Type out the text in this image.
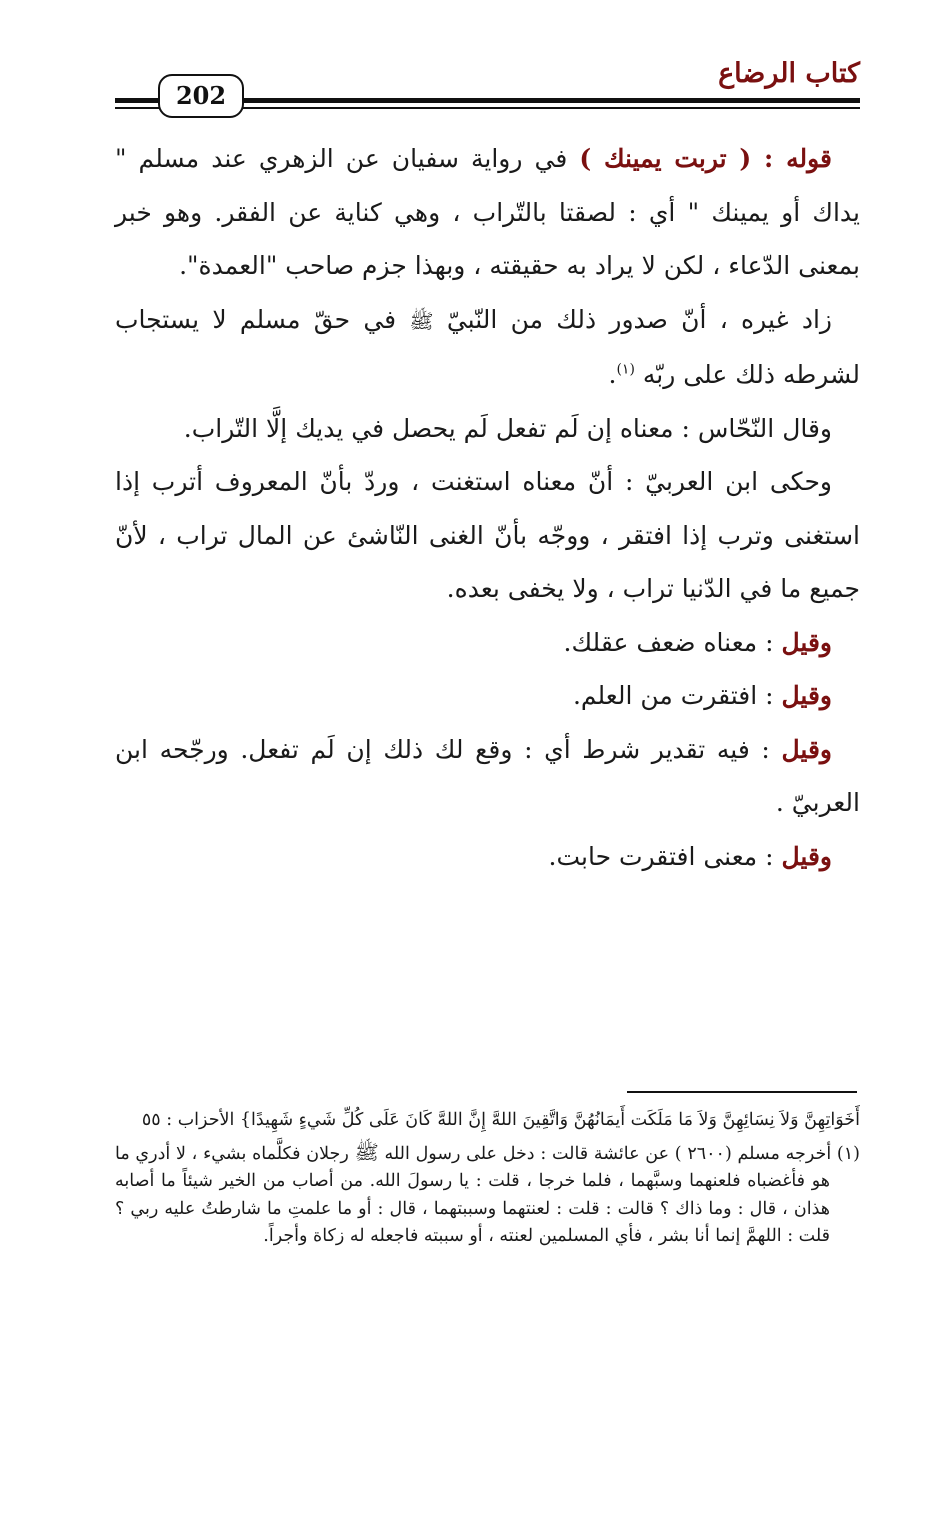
كتاب الرضاع
202

قوله : ( تربت يمينك ) في رواية سفيان عن الزهري عند مسلم " يداك أو يمينك " أي : لصقتا بالتّراب ، وهي كناية عن الفقر. وهو خبر بمعنى الدّعاء ، لكن لا يراد به حقيقته ، وبهذا جزم صاحب "العمدة".

زاد غيره ، أنّ صدور ذلك من النّبيّ ﷺ في حقّ مسلم لا يستجاب لشرطه ذلك على ربّه $^{(١)}$.

وقال النّحّاس : معناه إن لَم تفعل لَم يحصل في يديك إلَّا التّراب.

وحكى ابن العربيّ : أنّ معناه استغنت ، وردّ بأنّ المعروف أترب إذا استغنى وترب إذا افتقر ، ووجّه بأنّ الغنى النّاشئ عن المال تراب ، لأنّ جميع ما في الدّنيا تراب ، ولا يخفى بعده.

وقيل : معناه ضعف عقلك.

وقيل : افتقرت من العلم.

وقيل : فيه تقدير شرط أي : وقع لك ذلك إن لَم تفعل. ورجّحه ابن العربيّ .

وقيل : معنى افتقرت حابت.

أَخَوَاتِهِنَّ وَلاَ نِسَائِهِنَّ وَلاَ مَا مَلَكَت أَيمَانُهُنَّ وَاتَّقِينَ اللهَّ إِنَّ اللهَّ كَانَ عَلَى كُلِّ شَيءٍ شَهِيدًا} الأحزاب : ٥٥

(١) أخرجه مسلم (٢٦٠٠ ) عن عائشة قالت : دخل على رسول الله ﷺ رجلان فكلَّماه بشيء ، لا أدري ما هو فأغضباه فلعنهما وسبَّهما ، فلما خرجا ، قلت : يا رسولَ الله. من أصاب من الخير شيئاً ما أصابه هذان ، قال : وما ذاك ؟ قالت : قلت : لعنتهما وسببتهما ، قال : أو ما علمتِ ما شارطتُ عليه ربي ؟ قلت : اللهمَّ إنما أنا بشر ، فأي المسلمين لعنته ، أو سببته فاجعله له زكاة وأجراً.
